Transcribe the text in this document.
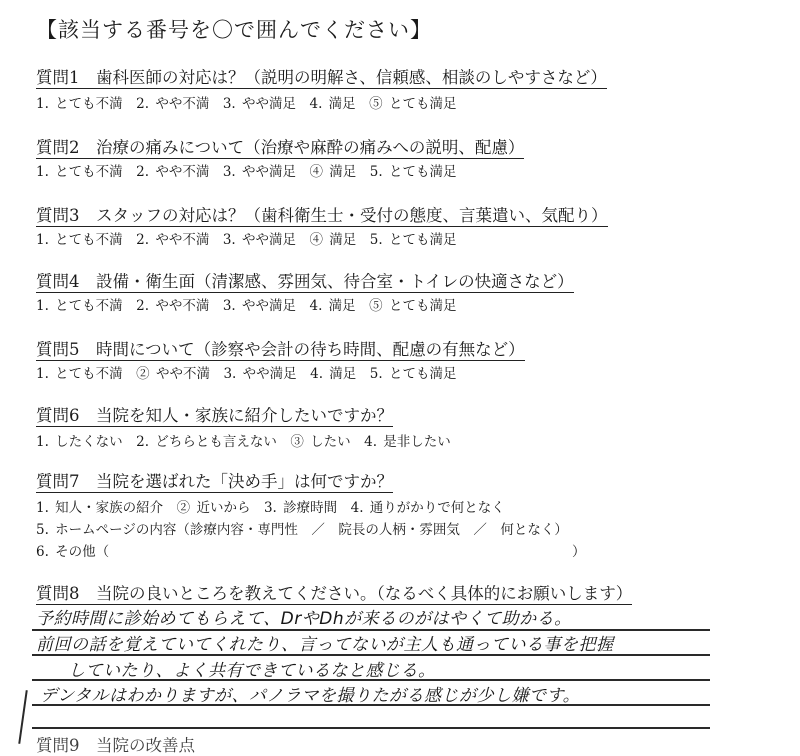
【該当する番号を〇で囲んでください】
質問1　歯科医師の対応は？（説明の明解さ、信頼感、相談のしやすさなど）
1. とても不満　2. やや不満　3. やや満足　4. 満足　⑤ とても満足
質問2　治療の痛みについて（治療や麻酔の痛みへの説明、配慮）
1. とても不満　2. やや不満　3. やや満足　④ 満足　5. とても満足
質問3　スタッフの対応は？（歯科衛生士・受付の態度、言葉遣い、気配り）
1. とても不満　2. やや不満　3. やや満足　④ 満足　5. とても満足
質問4　設備・衛生面（清潔感、雰囲気、待合室・トイレの快適さなど）
1. とても不満　2. やや不満　3. やや満足　4. 満足　⑤ とても満足
質問5　時間について（診察や会計の待ち時間、配慮の有無など）
1. とても不満　② やや不満　3. やや満足　4. 満足　5. とても満足
質問6　当院を知人・家族に紹介したいですか？
1. したくない　2. どちらとも言えない　③ したい　4. 是非したい
質問7　当院を選ばれた「決め手」は何ですか？
1. 知人・家族の紹介　② 近いから　3. 診療時間　4. 通りがかりで何となく
5. ホームページの内容（診療内容・専門性　／　院長の人柄・雰囲気　／　何となく）
6. その他（	）
質問8　当院の良いところを教えてください。（なるべく具体的にお願いします）
予約時間に診始めてもらえて、DrやDhが来るのがはやくて助かる。
前回の話を覚えていてくれたり、言ってないが主人も通っている事を把握
していたり、よく共有できているなと感じる。
デンタルはわかりますが、パノラマを撮りたがる感じが少し嫌です。
質問9　当院の改善点
